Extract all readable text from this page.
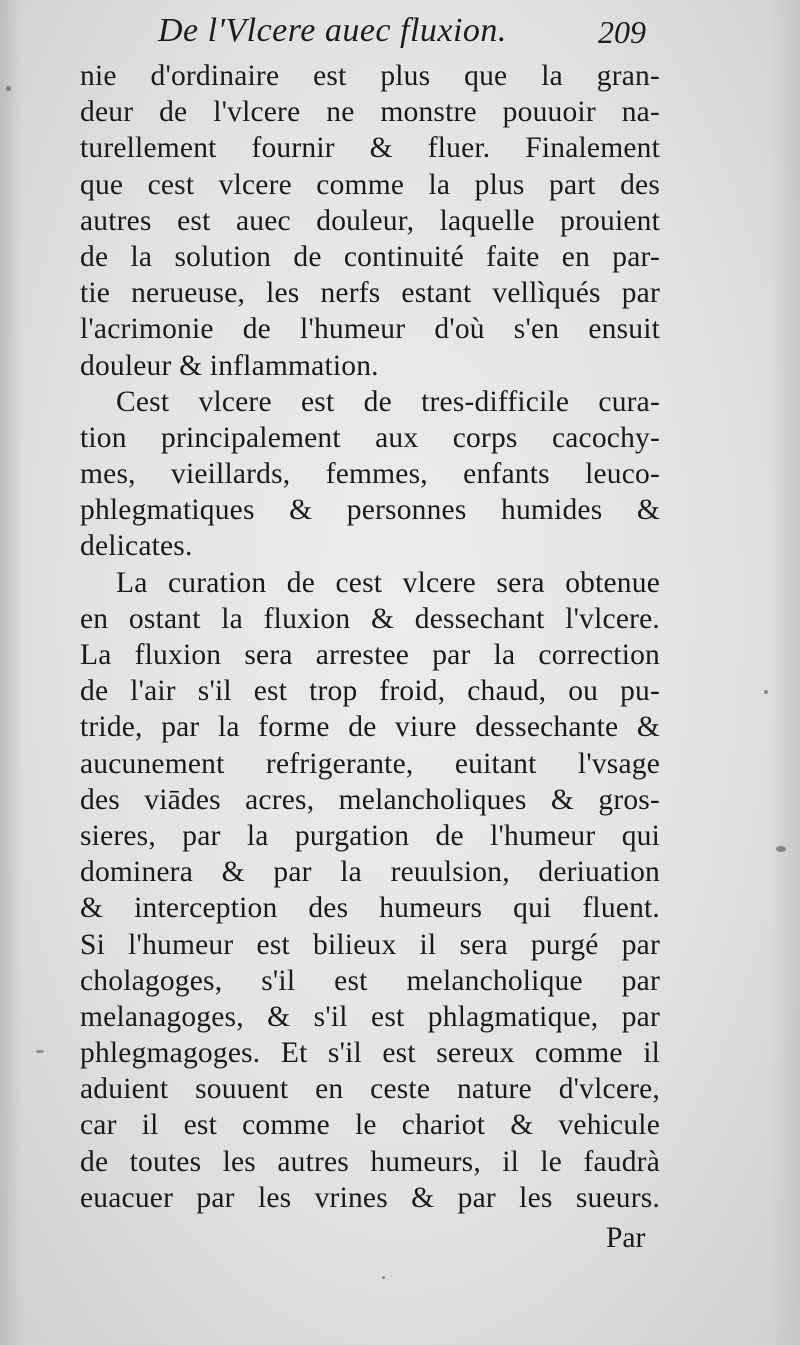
De l'Vlcere auec fluxion.	209
nie d'ordinaire est plus que la gran-
deur de l'vlcere ne monstre pouuoir na-
turellement fournir & fluer. Finalement
que cest vlcere comme la plus part des
autres est auec douleur, laquelle prouient
de la solution de continuité faite en par-
tie nerueuse, les nerfs estant vellìqués par
l'acrimonie de l'humeur d'où s'en ensuit
douleur & inflammation.
Cest vlcere est de tres-difficile cura-
tion principalement aux corps cacochy-
mes, vieillards, femmes, enfants leuco-
phlegmatiques & personnes humides &
delicates.
La curation de cest vlcere sera obtenue
en ostant la fluxion & dessechant l'vlcere.
La fluxion sera arrestee par la correction
de l'air s'il est trop froid, chaud, ou pu-
tride, par la forme de viure dessechante &
aucunement refrigerante, euitant l'vsage
des viādes acres, melancholiques & gros-
sieres, par la purgation de l'humeur qui
dominera & par la reuulsion, deriuation
& interception des humeurs qui fluent.
Si l'humeur est bilieux il sera purgé par
cholagoges, s'il est melancholique par
melanagoges, & s'il est phlagmatique, par
phlegmagoges. Et s'il est sereux comme il
aduient souuent en ceste nature d'vlcere,
car il est comme le chariot & vehicule
de toutes les autres humeurs, il le faudrà
euacuer par les vrines & par les sueurs.
Par
